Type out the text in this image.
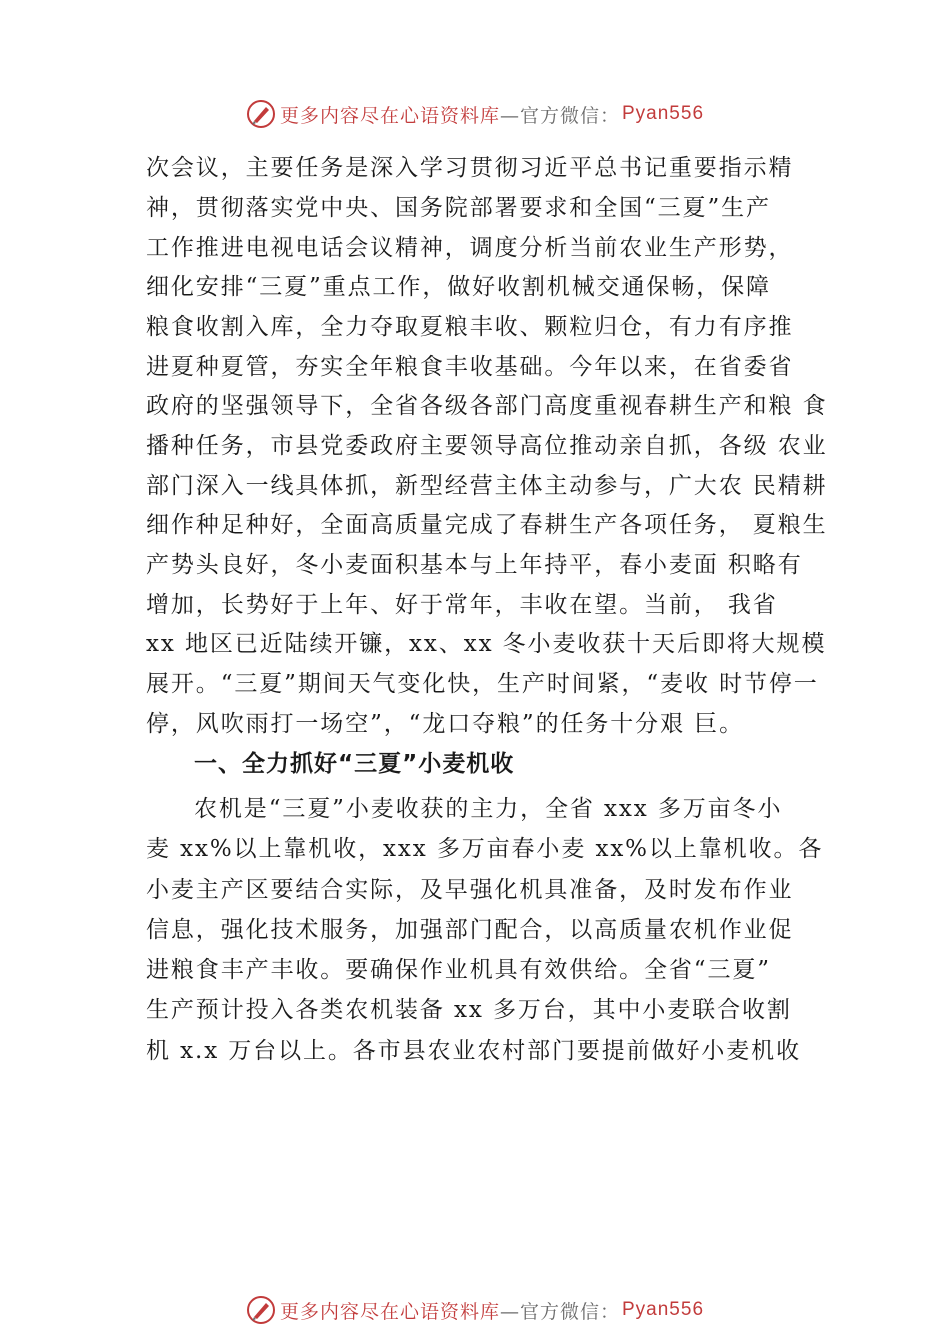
更多内容尽在心语资料库 —官方微信： Pyan556
次会议，主要任务是深入学习贯彻习近平总书记重要指示精
神，贯彻落实党中央、国务院部署要求和全国“三夏”生产
工作推进电视电话会议精神，调度分析当前农业生产形势，
细化安排“三夏”重点工作，做好收割机械交通保畅，保障
粮食收割入库，全力夺取夏粮丰收、颗粒归仓，有力有序推
进夏种夏管，夯实全年粮食丰收基础。今年以来，在省委省
政府的坚强领导下，全省各级各部门高度重视春耕生产和粮 食
播种任务，市县党委政府主要领导高位推动亲自抓，各级 农业
部门深入一线具体抓，新型经营主体主动参与，广大农 民精耕
细作种足种好，全面高质量完成了春耕生产各项任务， 夏粮生
产势头良好，冬小麦面积基本与上年持平，春小麦面 积略有
增加，长势好于上年、好于常年，丰收在望。当前， 我省
xx 地区已近陆续开镰，xx、xx 冬小麦收获十天后即将大规模
展开。“三夏”期间天气变化快，生产时间紧，“麦收 时节停一
停，风吹雨打一场空”，“龙口夺粮”的任务十分艰 巨。
一、全力抓好“三夏”小麦机收
农机是“三夏”小麦收获的主力，全省 xxx 多万亩冬小
麦 xx%以上靠机收，xxx 多万亩春小麦 xx%以上靠机收。各
小麦主产区要结合实际，及早强化机具准备，及时发布作业
信息，强化技术服务，加强部门配合，以高质量农机作业促
进粮食丰产丰收。要确保作业机具有效供给。全省“三夏”
生产预计投入各类农机装备 xx 多万台，其中小麦联合收割
机 x.x 万台以上。各市县农业农村部门要提前做好小麦机收
更多内容尽在心语资料库 —官方微信： Pyan556
